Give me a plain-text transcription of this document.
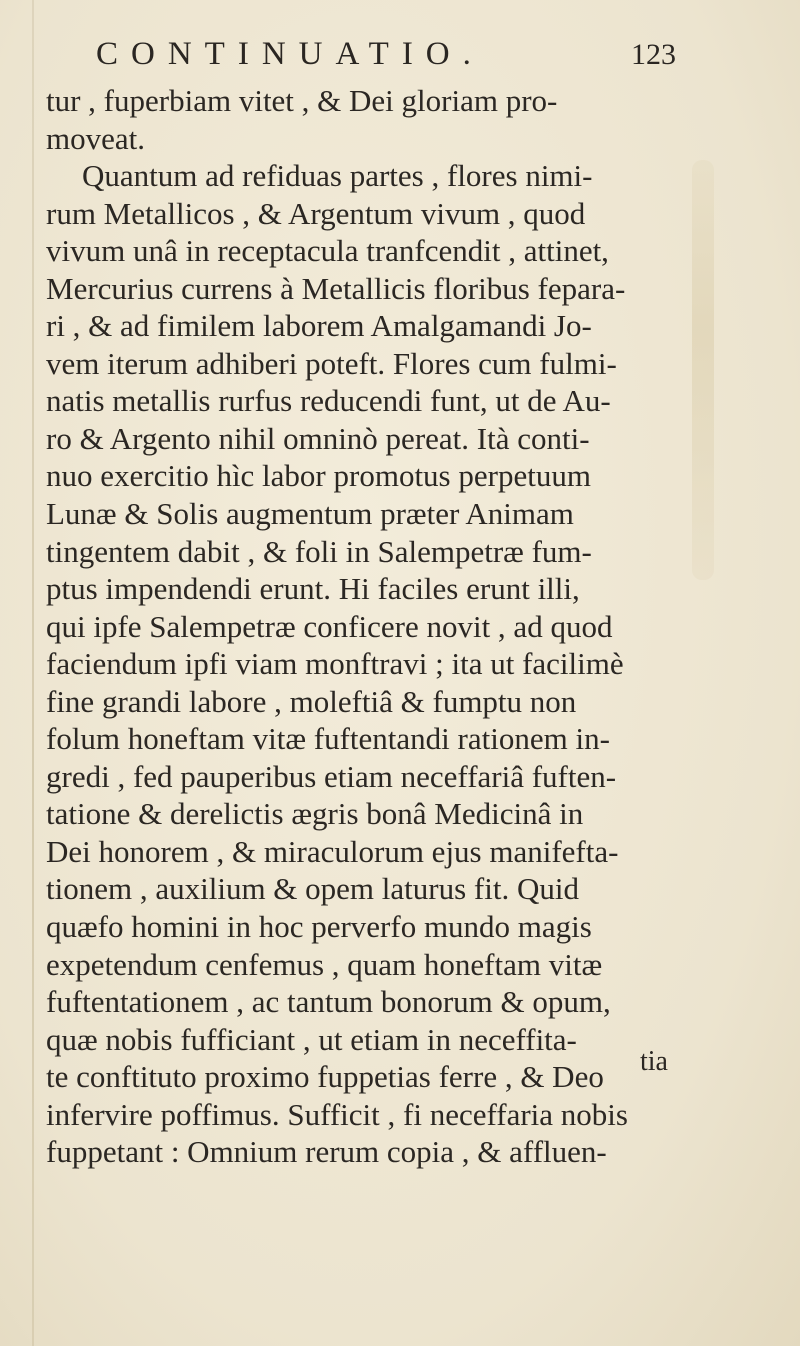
CONTINUATIO.	123
tur , fuperbiam vitet , & Dei gloriam pro-
moveat.
Quantum ad refiduas partes , flores nimi-
rum Metallicos , & Argentum vivum , quod
vivum unâ in receptacula tranfcendit , attinet,
Mercurius currens à Metallicis floribus fepara-
ri , & ad fimilem laborem Amalgamandi Jo-
vem iterum adhiberi poteft. Flores cum fulmi-
natis metallis rurfus reducendi funt, ut de Au-
ro & Argento nihil omninò pereat. Ità conti-
nuo exercitio hìc labor promotus perpetuum
Lunæ & Solis augmentum præter Animam
tingentem dabit , & foli in Salempetræ fum-
ptus impendendi erunt. Hi faciles erunt illi,
qui ipfe Salempetræ conficere novit , ad quod
faciendum ipfi viam monftravi ; ita ut facilimè
fine grandi labore , moleftiâ & fumptu non
folum honeftam vitæ fuftentandi rationem in-
gredi , fed pauperibus etiam neceffariâ fuften-
tatione & derelictis ægris bonâ Medicinâ in
Dei honorem , & miraculorum ejus manifefta-
tionem , auxilium & opem laturus fit. Quid
quæfo homini in hoc perverfo mundo magis
expetendum cenfemus , quam honeftam vitæ
fuftentationem , ac tantum bonorum & opum,
quæ nobis fufficiant , ut etiam in neceffita-
te conftituto proximo fuppetias ferre , & Deo
infervire poffimus. Sufficit , fi neceffaria nobis
fuppetant : Omnium rerum copia , & affluen-
tia
